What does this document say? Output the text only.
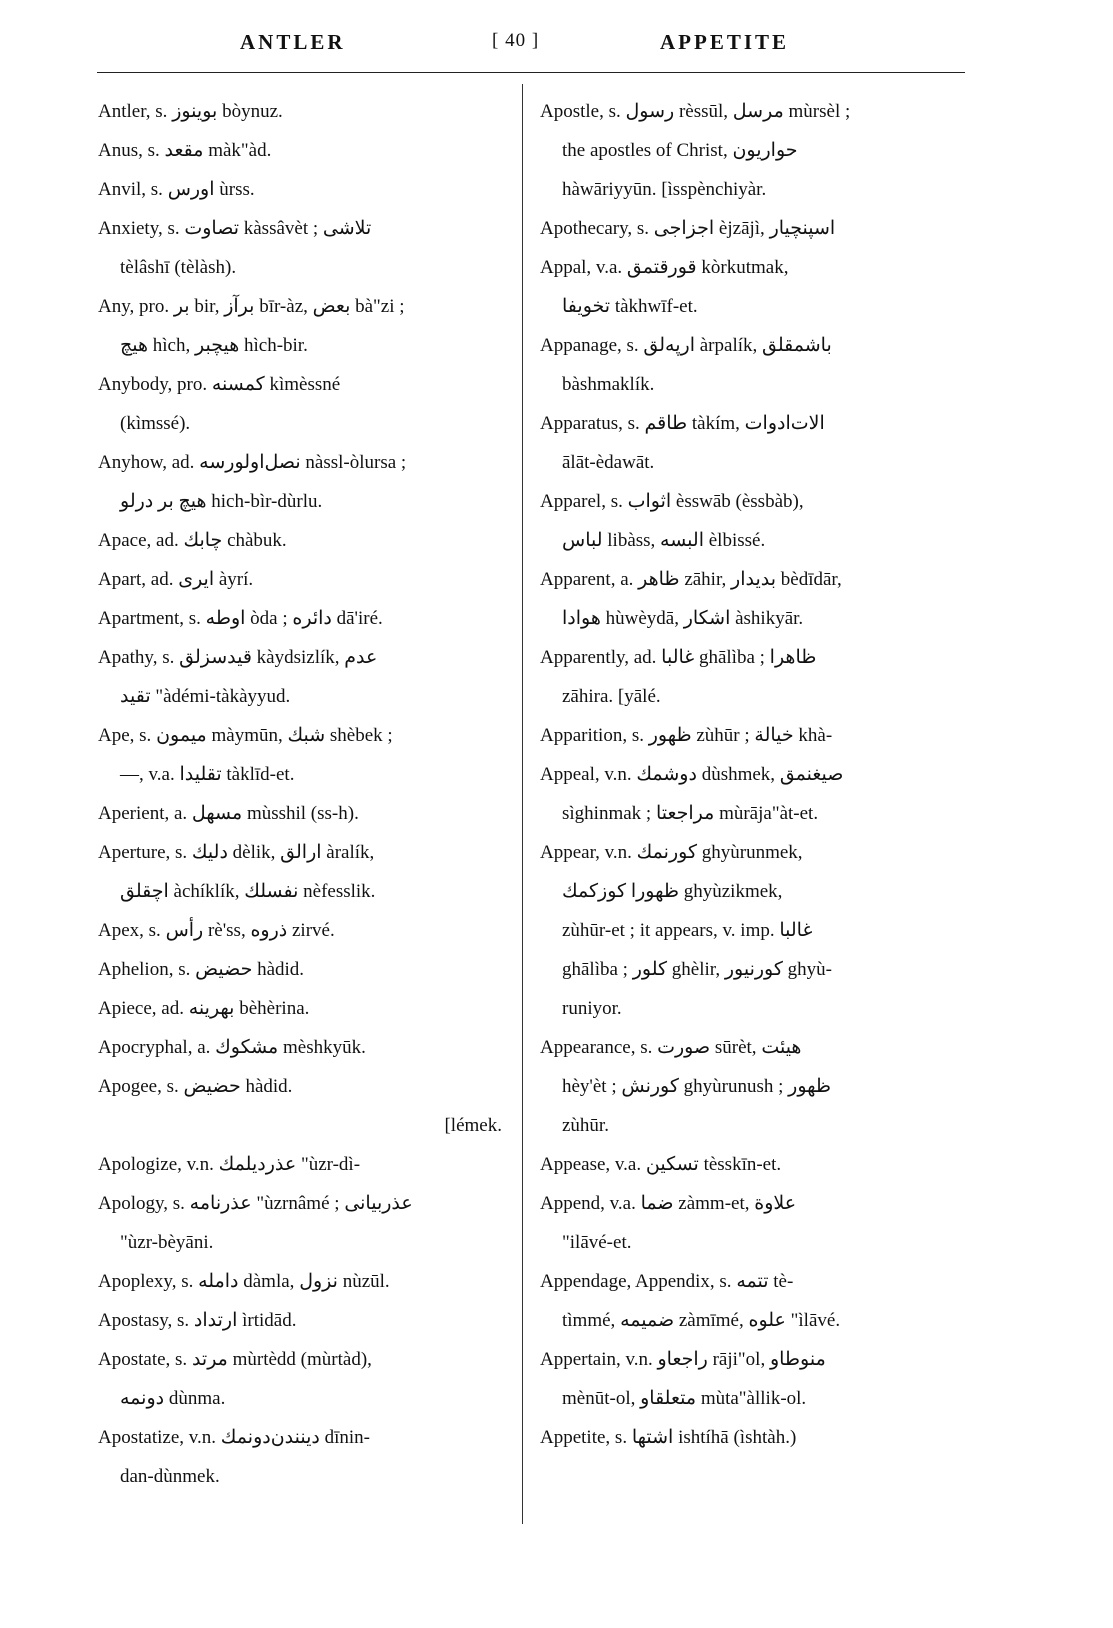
ANTLER	[ 40 ]	APPETITE
Antler, s. بوينوز bòynuz.
Anus, s. مقعد màk"àd.
Anvil, s. اورس ùrss.
Anxiety, s. تصاوت kàssâvèt ; تلاشی
tèlâshī (tèlàsh).
Any, pro. بر bir, برآز bīr-àz, بعض bà"zi ;
هيچ hìch, هيچبر hìch-bir.
Anybody, pro. كمسنه kìmèssné
(kìmssé).
Anyhow, ad. نصل‌اولورسه nàssl-òlursa ;
هيچ بر درلو hich-bìr-dùrlu.
Apace, ad. چابك chàbuk.
Apart, ad. ایرى àyrí.
Apartment, s. اوطه òda ; دائره dā'iré.
Apathy, s. قيدسزلق kàydsizlík, عدم
تقيد "àdémi-tàkàyyud.
Ape, s. ميمون màymūn, شبك shèbek ;
—, v.a. تقليدا tàklīd-et.
Aperient, a. مسهل mùsshil (ss-h).
Aperture, s. دليك dèlik, ارالق àralík,
اچقلق àchíklík, نفسلك nèfesslik.
Apex, s. رأس rè'ss, ذروه zirvé.
Aphelion, s. حضيض hàdid.
Apiece, ad. بهرينه bèhèrina.
Apocryphal, a. مشكوك mèshkyūk.
Apogee, s. حضيض hàdid.
[lémek.
Apologize, v.n. عذرديلمك "ùzr-dì-
Apology, s. عذرنامه "ùzrnâmé ; عذربيانى
"ùzr-bèyāni.
Apoplexy, s. دامله dàmla, نزول nùzūl.
Apostasy, s. ارتداد ìrtidād.
Apostate, s. مرتد mùrtèdd (mùrtàd),
دونمه dùnma.
Apostatize, v.n. دينندن‌دونمك dīnin-
dan-dùnmek.
Apostle, s. رسول rèssūl, مرسل mùrsèl ;
the apostles of Christ, حواريون
hàwāriyyūn. [ìsspènchiyàr.
Apothecary, s. اجزاجى èjzājì, اسپنچيار
Appal, v.a. قورقتمق kòrkutmak,
تخويفا tàkhwīf-et.
Appanage, s. ارپه‌لق àrpalík, باشمقلق
bàshmaklík.
Apparatus, s. طاقم tàkím, الات‌ادوات
ālāt-èdawāt.
Apparel, s. اثواب èsswāb (èssbàb),
لباس libàss, البسه èlbissé.
Apparent, a. ظاهر zāhir, بديدار bèdīdār,
هوادا hùwèydā, اشكار àshikyār.
Apparently, ad. غالبا ghālìba ; ظاهرا
zāhira. [yālé.
Apparition, s. ظهور zùhūr ; خيالة khà-
Appeal, v.n. دوشمك dùshmek, صيغنمق
sìghinmak ; مراجعتا mùrāja"àt-et.
Appear, v.n. كورنمك ghyùrunmek,
ظهورا كوزكمك ghyùzikmek,
zùhūr-et ; it appears, v. imp. غالبا
ghālìba ; كلور ghèlir, كورنيور ghyù-
runiyor.
Appearance, s. صورت sūrèt, هيئت
hèy'èt ; كورنش ghyùrunush ; ظهور
zùhūr.
Appease, v.a. تسكين tèsskīn-et.
Append, v.a. ضما zàmm-et, علاوة
"ilāvé-et.
Appendage, Appendix, s. تتمه tè-
tìmmé, ضميمه zàmīmé, علوه "ìlāvé.
Appertain, v.n. راجعاو rāji"ol, منوطاو
mènūt-ol, متعلقاو mùta"àllik-ol.
Appetite, s. اشتها ishtíhā (ìshtàh.)
